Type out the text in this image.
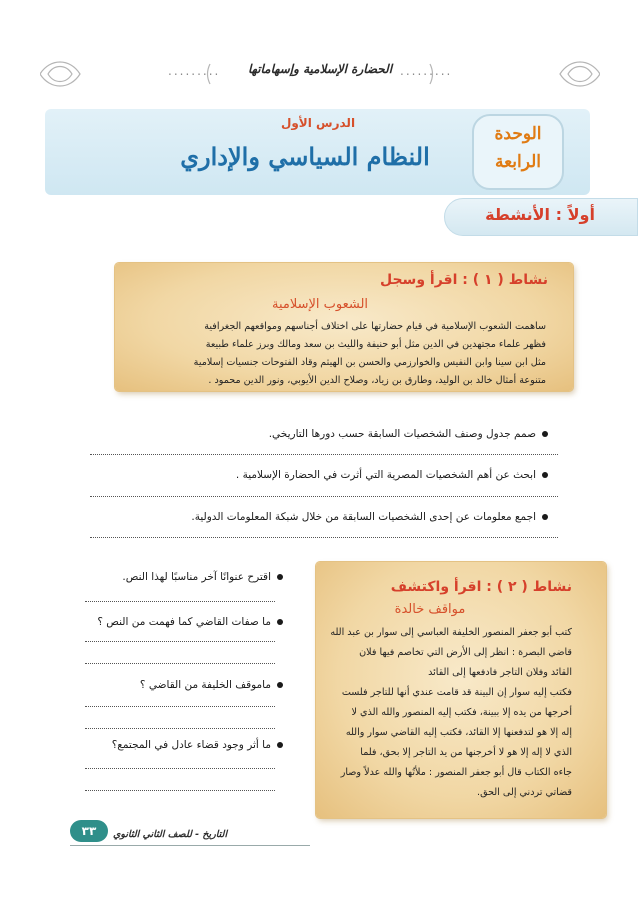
.........
.........	الحضارة الإسلامية وإسهاماتها
الوحدة
الرابعة
الدرس الأول
النظام السياسي والإداري
أولاً : الأنشطة
نشاط ( ١ ) : اقرأ وسجل
الشعوب الإسلامية
ساهمت الشعوب الإسلامية في قيام حضارتها على اختلاف أجناسهم ومواقعهم الجغرافية
فظهر علماء مجتهدين في الدين مثل أبو حنيفة والليث بن سعد ومالك وبرز علماء طبيعة
مثل ابن سينا وابن النفيس والخوارزمي والحسن بن الهيثم وقاد الفتوحات جنسيات إسلامية
متنوعة أمثال خالد بن الوليد، وطارق بن زياد، وصلاح الدين الأيوبي، ونور الدين محمود .
صمم جدول وصنف الشخصيات السابقة حسب دورها التاريخي.
ابحث عن أهم الشخصيات المصرية التي أثرت في الحضارة الإسلامية .
اجمع معلومات عن إحدى الشخصيات السابقة من خلال شبكة المعلومات الدولية.
نشاط ( ٢ ) : اقرأ واكتشف
مواقف خالدة
كتب أبو جعفر المنصور الخليفة العباسي إلى سوار بن عبد الله
قاضي البصرة : انظر إلى الأرض التي تخاصم فيها فلان
القائد وفلان التاجر فادفعها إلى القائد
فكتب إليه سوار إن البينة قد قامت عندي أنها للتاجر فلست
أخرجها من يده إلا ببينة، فكتب إليه المنصور والله الذي لا
إله إلا هو لتدفعنها إلا القائد، فكتب إليه القاضي سوار والله
الذي لا إله إلا هو لا أخرجنها من يد التاجر إلا بحق، فلما
جاءه الكتاب قال أبو جعفر المنصور : ملأتُها والله عدلاً وصار
قضاتي تردني إلى الحق.
اقترح عنوانًا آخر مناسبًا لهذا النص.
ما صفات القاضي كما فهمت من النص ؟
ماموقف الخليفة من القاضي ؟
ما أثر وجود قضاء عادل في المجتمع؟
٣٣	التاريخ - للصف الثاني الثانوي
